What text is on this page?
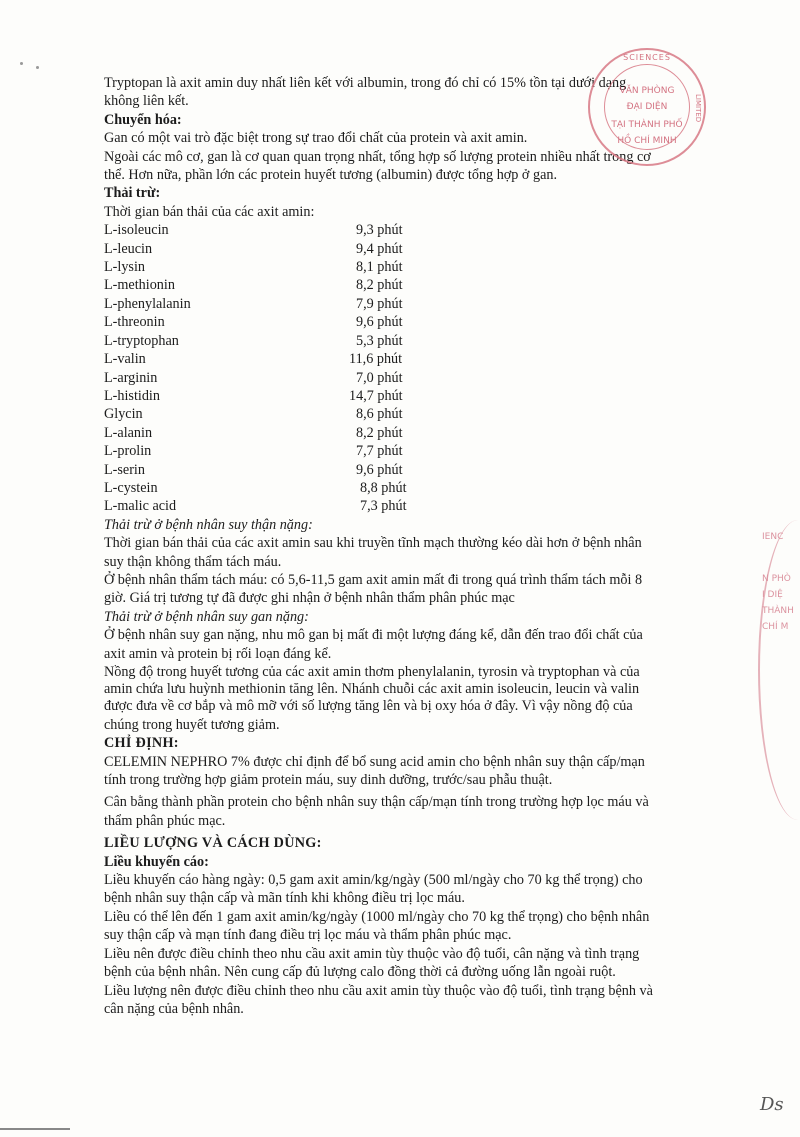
Tryptopan là axit amin duy nhất liên kết với albumin, trong đó chỉ có 15% tồn tại dưới dạng

không liên kết.

Chuyển hóa:

Gan có một vai trò đặc biệt trong sự trao đổi chất của protein và axit amin.

Ngoài các mô cơ, gan là cơ quan quan trọng nhất, tổng hợp số lượng protein nhiều nhất trong cơ

thể. Hơn nữa, phần lớn các protein huyết tương (albumin) được tổng hợp ở gan.

Thải trừ:

Thời gian bán thải của các axit amin:

L-isoleucin	9,3 phút
L-leucin	9,4 phút
L-lysin	8,1 phút
L-methionin	8,2 phút
L-phenylalanin	7,9 phút
L-threonin	9,6 phút
L-tryptophan	5,3 phút
L-valin	11,6 phút
L-arginin	7,0 phút
L-histidin	14,7 phút
Glycin	8,6 phút
L-alanin	8,2 phút
L-prolin	7,7 phút
L-serin	9,6 phút
L-cystein	8,8 phút
L-malic acid	7,3 phút

Thải trừ ở bệnh nhân suy thận nặng:

Thời gian bán thải của các axit amin sau khi truyền tĩnh mạch thường kéo dài hơn ở bệnh nhân

suy thận không thẩm tách máu.

Ở bệnh nhân thẩm tách máu: có 5,6-11,5 gam axit amin mất đi trong quá trình thẩm tách mỗi 8

giờ. Giá trị tương tự đã được ghi nhận ở bệnh nhân thẩm phân phúc mạc

Thải trừ ở bệnh nhân suy gan nặng:

Ở bệnh nhân suy gan nặng, nhu mô gan bị mất đi một lượng đáng kể, dẫn đến trao đổi chất của

axit amin và protein bị rối loạn đáng kể.

Nồng độ trong huyết tương của các axit amin thơm phenylalanin, tyrosin và tryptophan và của

amin chứa lưu huỳnh methionin tăng lên. Nhánh chuỗi các axit amin isoleucin, leucin và valin

được đưa về cơ bắp và mô mỡ với số lượng tăng lên và bị oxy hóa ở đây. Vì vậy nồng độ của

chúng trong huyết tương giảm.

CHỈ ĐỊNH:

CELEMIN NEPHRO 7% được chỉ định để bổ sung acid amin cho bệnh nhân suy thận cấp/mạn

tính trong trường hợp giảm protein máu, suy dinh dưỡng, trước/sau phẫu thuật.

Cân bằng thành phần protein cho bệnh nhân suy thận cấp/mạn tính trong trường hợp lọc máu và

thẩm phân phúc mạc.

LIỀU LƯỢNG VÀ CÁCH DÙNG:

Liều khuyến cáo:

Liều khuyến cáo hàng ngày: 0,5 gam axit amin/kg/ngày (500 ml/ngày cho 70 kg thể trọng) cho

bệnh nhân suy thận cấp và mãn tính khi không điều trị lọc máu.

Liều có thể lên đến 1 gam axit amin/kg/ngày (1000 ml/ngày cho 70 kg thể trọng) cho bệnh nhân

suy thận cấp và mạn tính đang điều trị lọc máu và thẩm phân phúc mạc.

Liều nên được điều chỉnh theo nhu cầu axit amin tùy thuộc vào độ tuổi, cân nặng và tình trạng

bệnh của bệnh nhân. Nên cung cấp đủ lượng calo đồng thời cả đường uống lẫn ngoài ruột.

Liều lượng nên được điều chỉnh theo nhu cầu axit amin tùy thuộc vào độ tuổi, tình trạng bệnh và

cân nặng của bệnh nhân.

SCIENCES
LIMITED
VĂN PHÒNG
ĐẠI DIỆN
TẠI THÀNH PHỐ
HỒ CHÍ MINH
IENC
N PHÒ
I DIỆ
THÀNH
CHÍ M
Ds
